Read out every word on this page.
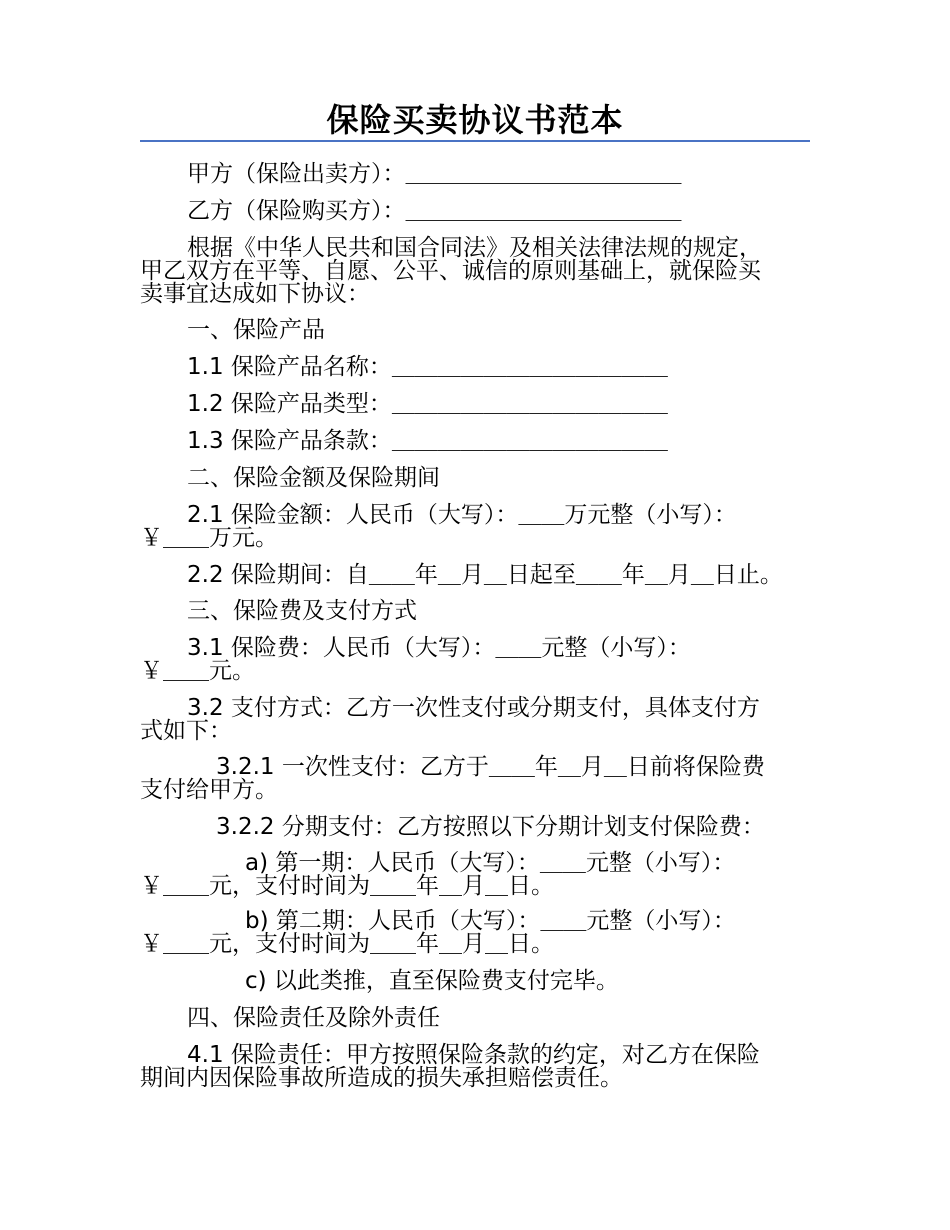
保险买卖协议书范本
甲方（保险出卖方）：＿＿＿＿＿＿＿＿＿＿＿＿
乙方（保险购买方）：＿＿＿＿＿＿＿＿＿＿＿＿
根据《中华人民共和国合同法》及相关法律法规的规定，
甲乙双方在平等、自愿、公平、诚信的原则基础上，就保险买
卖事宜达成如下协议：
一、保险产品
1.1 保险产品名称：＿＿＿＿＿＿＿＿＿＿＿＿
1.2 保险产品类型：＿＿＿＿＿＿＿＿＿＿＿＿
1.3 保险产品条款：＿＿＿＿＿＿＿＿＿＿＿＿
二、保险金额及保险期间
2.1 保险金额：人民币（大写）：＿＿万元整（小写）：
￥＿＿万元。
2.2 保险期间：自＿＿年＿月＿日起至＿＿年＿月＿日止。
三、保险费及支付方式
3.1 保险费：人民币（大写）：＿＿元整（小写）：
￥＿＿元。
3.2 支付方式：乙方一次性支付或分期支付，具体支付方
式如下：
3.2.1 一次性支付：乙方于＿＿年＿月＿日前将保险费
支付给甲方。
3.2.2 分期支付：乙方按照以下分期计划支付保险费：
a) 第一期：人民币（大写）：＿＿元整（小写）：
￥＿＿元，支付时间为＿＿年＿月＿日。
b) 第二期：人民币（大写）：＿＿元整（小写）：
￥＿＿元，支付时间为＿＿年＿月＿日。
c) 以此类推，直至保险费支付完毕。
四、保险责任及除外责任
4.1 保险责任：甲方按照保险条款的约定，对乙方在保险
期间内因保险事故所造成的损失承担赔偿责任。
